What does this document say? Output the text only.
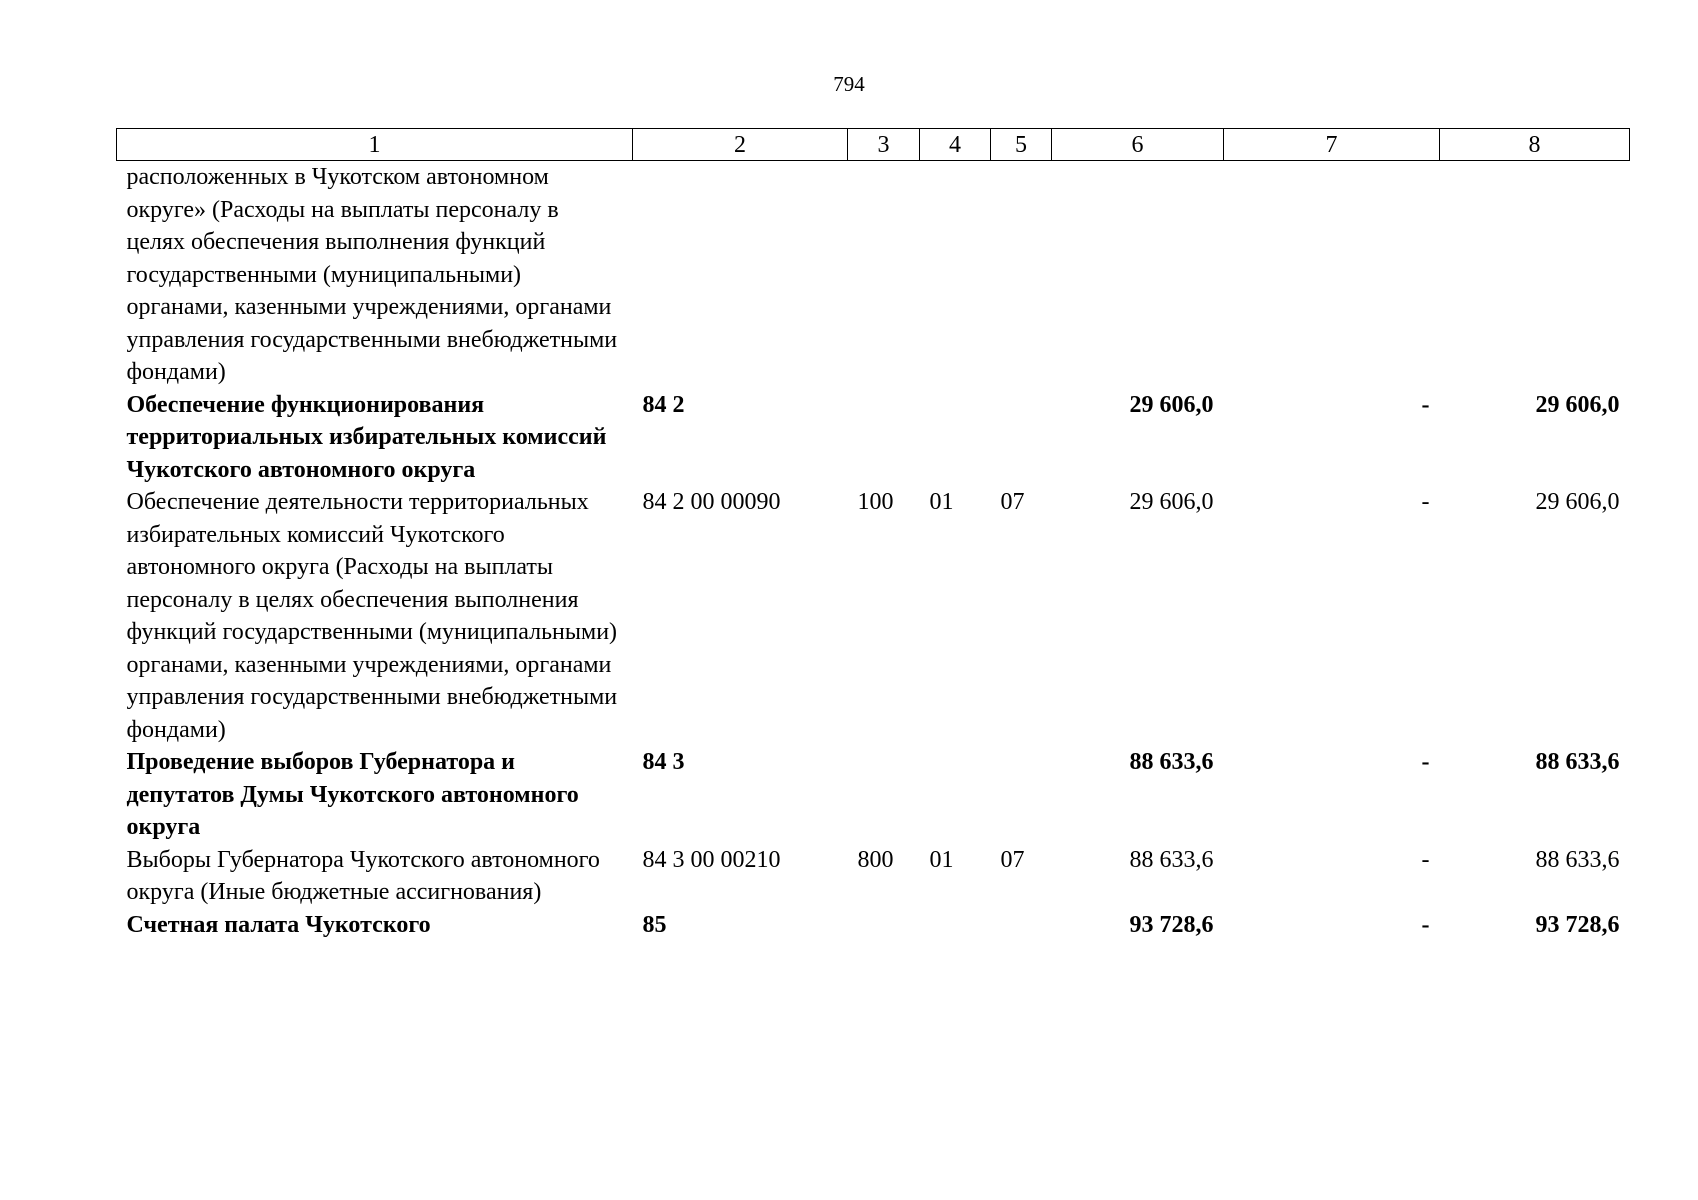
794
1	2	3	4	5	6	7	8
расположенных в Чукотском автономном округе» (Расходы на выплаты персоналу в целях обеспечения выполнения функций государственными (муниципальными) органами, казенными учреждениями, органами управления государственными внебюджетными фондами)							
Обеспечение функционирования территориальных избирательных комиссий Чукотского автономного округа	84 2				29 606,0	-	29 606,0
Обеспечение деятельности территориальных избирательных комиссий Чукотского автономного округа (Расходы на выплаты персоналу в целях обеспечения выполнения функций государственными (муниципальными) органами, казенными учреждениями, органами управления государственными внебюджетными фондами)	84 2 00 00090	100	01	07	29 606,0	-	29 606,0
Проведение выборов Губернатора и депутатов Думы Чукотского автономного округа	84 3				88 633,6	-	88 633,6
Выборы Губернатора Чукотского автономного округа (Иные бюджетные ассигнования)	84 3 00 00210	800	01	07	88 633,6	-	88 633,6
Счетная палата Чукотского	85				93 728,6	-	93 728,6
